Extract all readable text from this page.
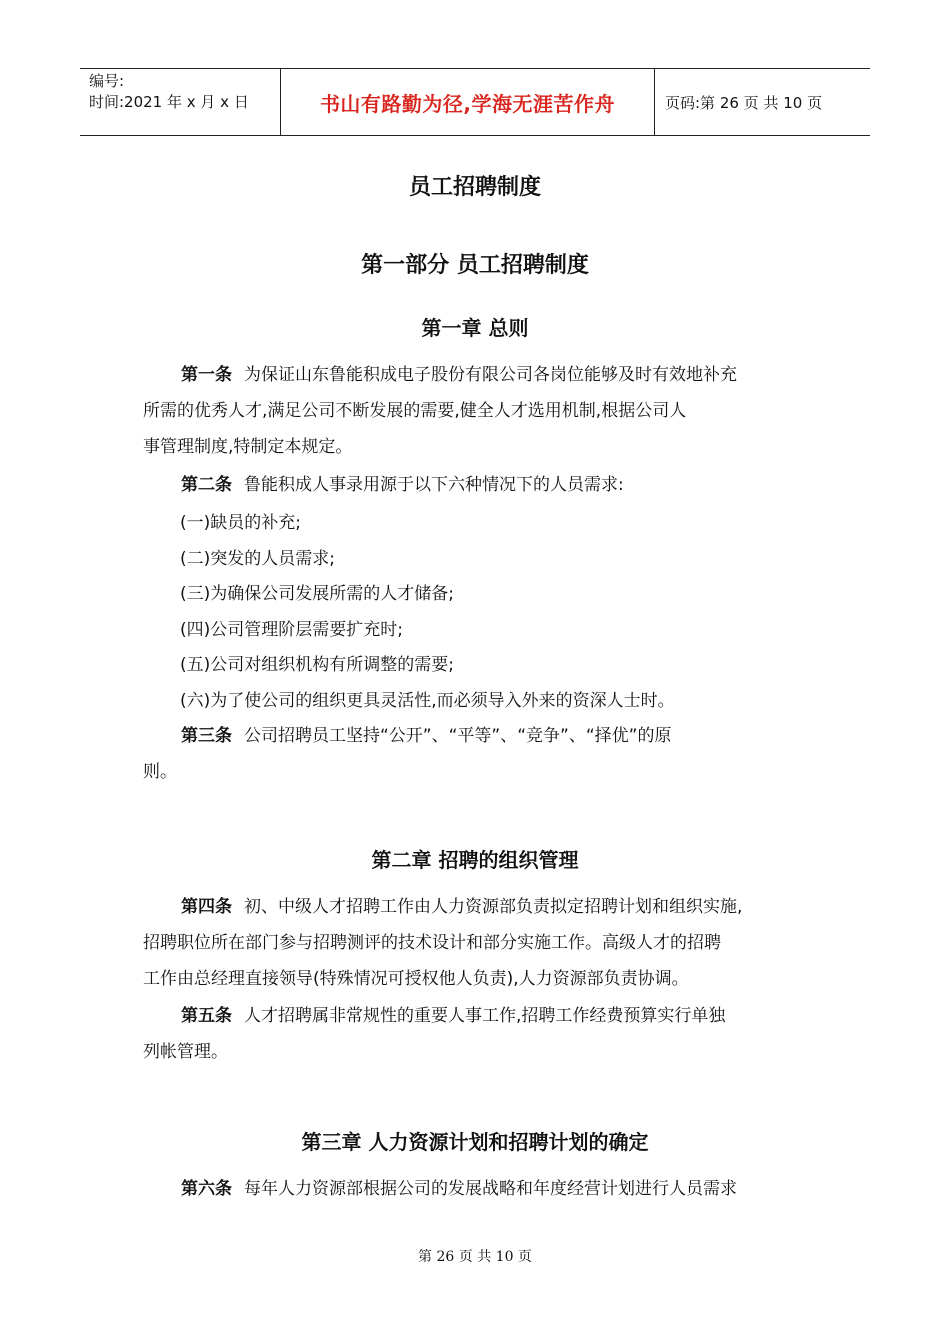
编号:
时间:2021 年 x 月 x 日	书山有路勤为径,学海无涯苦作舟	页码:第 26 页 共 10 页
员工招聘制度
第一部分 员工招聘制度
第一章 总则
第一条 为保证山东鲁能积成电子股份有限公司各岗位能够及时有效地补充
所需的优秀人才,满足公司不断发展的需要,健全人才选用机制,根据公司人
事管理制度,特制定本规定。
第二条 鲁能积成人事录用源于以下六种情况下的人员需求:
(一)缺员的补充;
(二)突发的人员需求;
(三)为确保公司发展所需的人才储备;
(四)公司管理阶层需要扩充时;
(五)公司对组织机构有所调整的需要;
(六)为了使公司的组织更具灵活性,而必须导入外来的资深人士时。
第三条 公司招聘员工坚持“公开”、“平等”、“竞争”、“择优”的原
则。
第二章 招聘的组织管理
第四条 初、中级人才招聘工作由人力资源部负责拟定招聘计划和组织实施,
招聘职位所在部门参与招聘测评的技术设计和部分实施工作。高级人才的招聘
工作由总经理直接领导(特殊情况可授权他人负责),人力资源部负责协调。
第五条 人才招聘属非常规性的重要人事工作,招聘工作经费预算实行单独
列帐管理。
第三章 人力资源计划和招聘计划的确定
第六条 每年人力资源部根据公司的发展战略和年度经营计划进行人员需求
第 26 页 共 10 页
